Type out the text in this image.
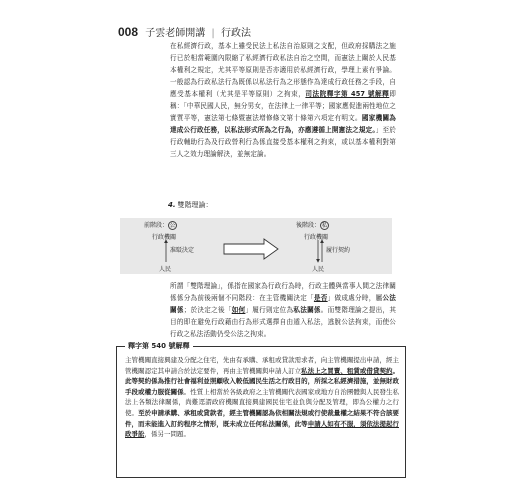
008 子雲老師開講 | 行政法
在私經濟行政，基本上雖受民法上私法自治原則之支配，但政府採購法之施行已於相當範圍內限縮了私經濟行政私法自治之空間，而憲法上關於人民基本權利之規定，尤其平等原則是否亦適用於私經濟行政，學理上素有爭論。一般認為行政私法行為既係以私法行為之形態作為達成行政任務之手段，自應受基本權利（尤其是平等原則）之拘束，司法院釋字第 457 號解釋即稱：「中華民國人民，無分男女，在法律上一律平等；國家應促進兩性地位之實質平等，憲法第七條暨憲法增修條文第十條第六項定有明文。國家機關為達成公行政任務，以私法形式所為之行為，亦應遵循上開憲法之規定。」至於行政輔助行為及行政營利行為係直接受基本權利之拘束，或以基本權利對第三人之效力理論解決，並無定論。
4. 雙階理論：
前階段： 公	後階段： 私
行政機關
准駁決定
人民
行政機關
履行契約
人民
所謂「雙階理論」，係指在國家為行政行為時，行政主體與當事人間之法律關係係分為前後兩個不同階段：在主管機關決定「是否」做成處分時，屬公法關係；於決定之後「如何」履行則定位為私法關係。而雙階理論之提出，其目的即在避免行政藉由行為形式選擇自由遁入私法，逃脫公法拘束，而使公行政之私法活動仍受公法之拘束。
釋字第 540 號解釋
主管機關直接興建及分配之住宅，先由有承購、承租或貸款需求者，向主管機關提出申請，經主管機關認定其申請合於法定要件，再由主管機關與申請人訂立私法上之買賣、租賃或借貸契約。此等契約係為推行社會福利並照顧收入較低國民生活之行政目的，所採之私經濟措施，並無財政手段或權力服從關係。性質上相當於各級政府之主管機關代表國家或地方自治團體與人民發生私法上各類法律關係，尚難逕謂政府機關直接興建國民住宅並負與分配及管理，即為公權力之行使。至於申請承購、承租或貸款者，經主管機關認為依相關法規或行使裁量權之結果不符合該要件，而未能進入訂約程序之情形，既未成立任何私法關係，此等申請人如有不服，須依法提起行政爭訟，係另一問題。
